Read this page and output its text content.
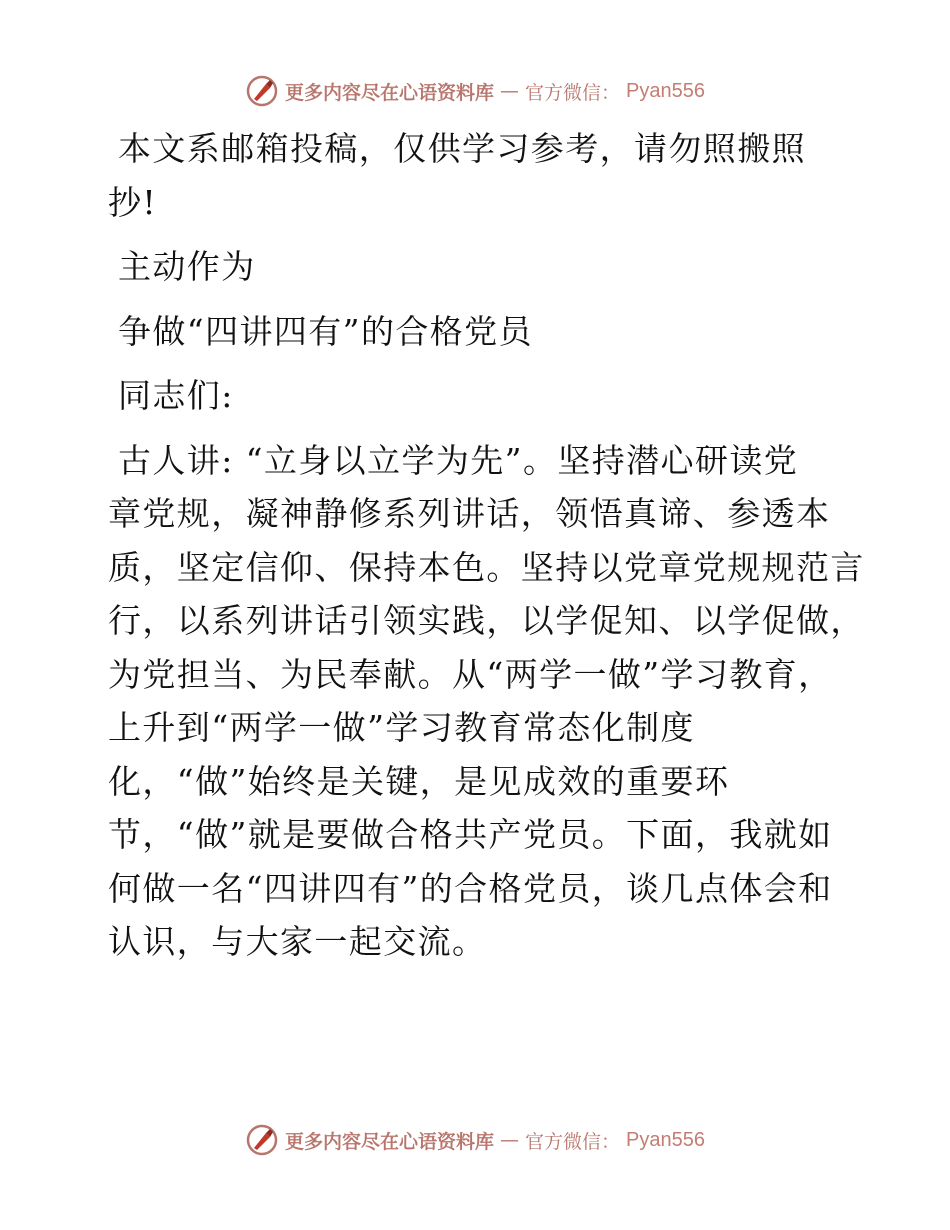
更多内容尽在心语资料库 — 官方微信： Pyan556
本文系邮箱投稿，仅供学习参考，请勿照搬照
抄!
主动作为
争做“四讲四有”的合格党员
同志们:
古人讲: “立身以立学为先”。坚持潜心研读党
章党规，凝神静修系列讲话，领悟真谛、参透本
质，坚定信仰、保持本色。坚持以党章党规规范言
行，以系列讲话引领实践，以学促知、以学促做，
为党担当、为民奉献。从“两学一做”学习教育，
上升到“两学一做”学习教育常态化制度
化，“做”始终是关键，是见成效的重要环
节，“做”就是要做合格共产党员。下面，我就如
何做一名“四讲四有”的合格党员，谈几点体会和
认识，与大家一起交流。
更多内容尽在心语资料库 — 官方微信： Pyan556
